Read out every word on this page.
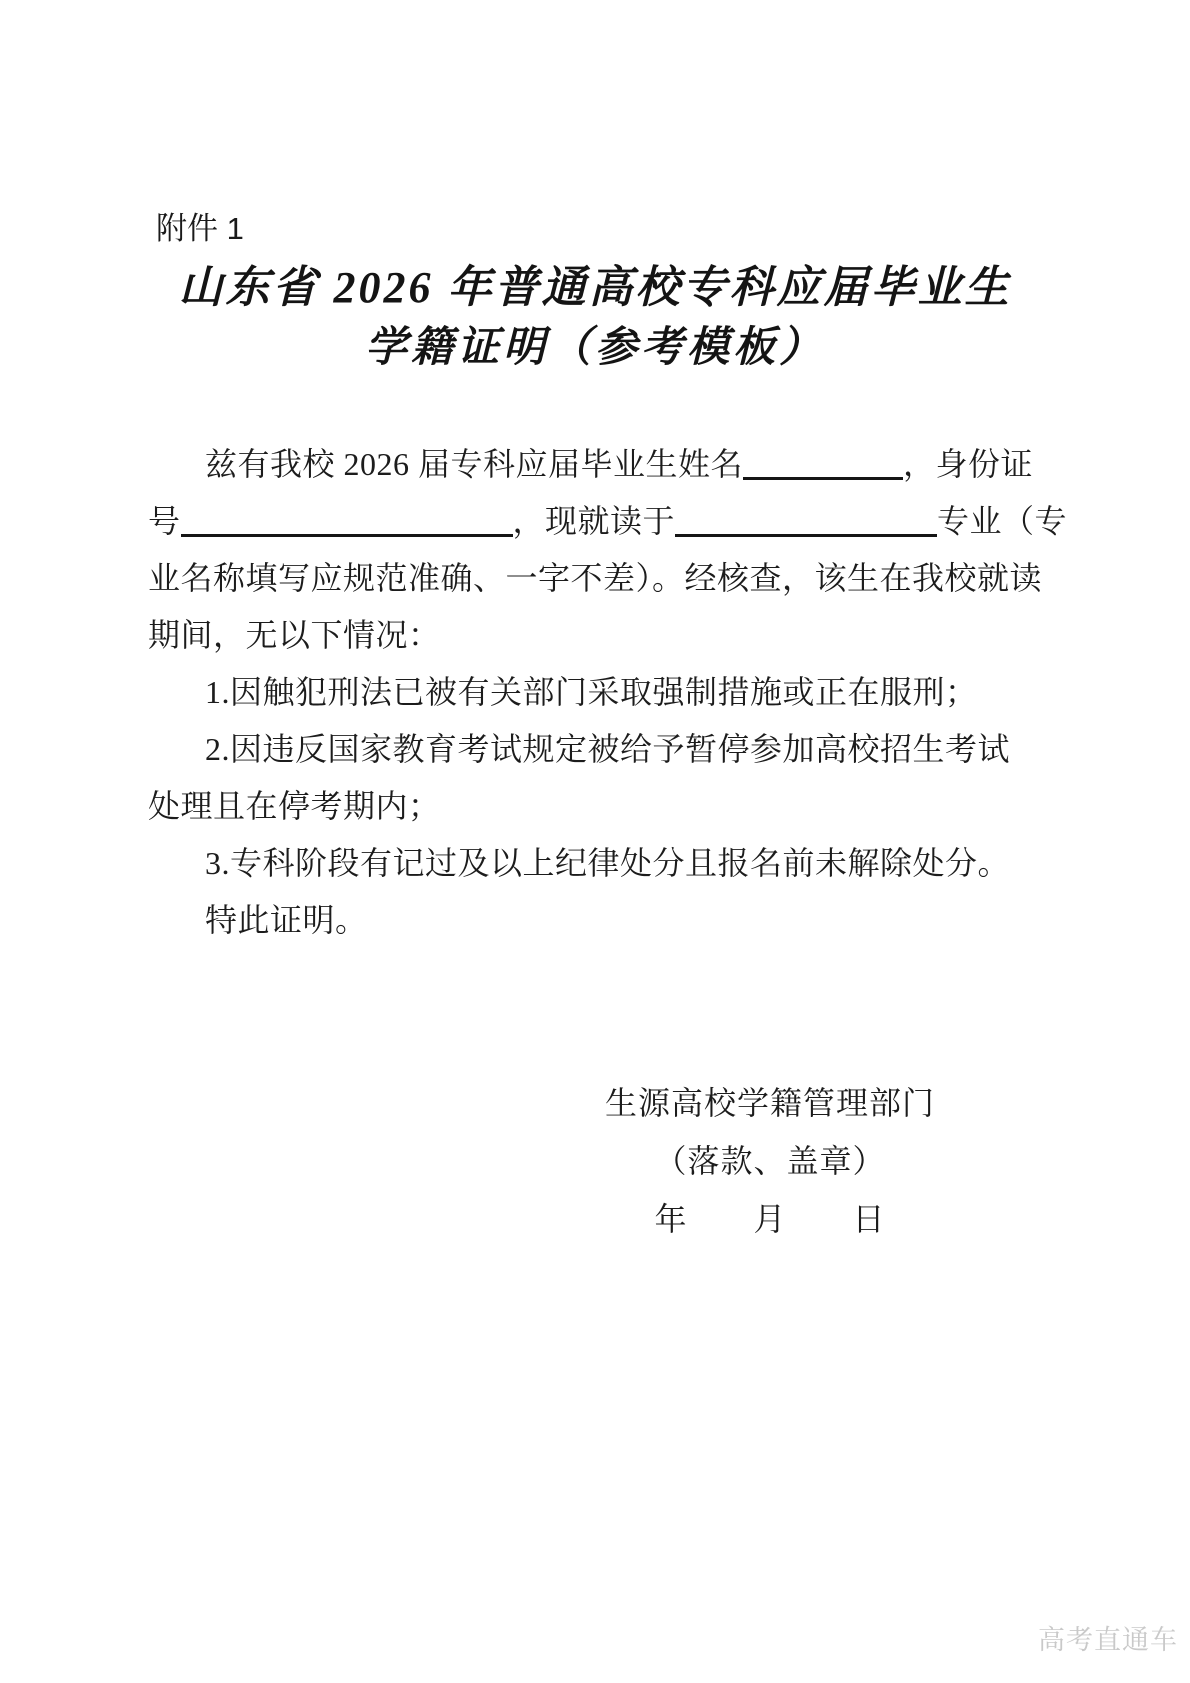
附件 1
山东省 2026 年普通高校专科应届毕业生
学籍证明（参考模板）
兹有我校 2026 届专科应届毕业生姓名	，身份证
号	，现就读于	专业（专
业名称填写应规范准确、一字不差）。经核查，该生在我校就读
期间，无以下情况：
1.因触犯刑法已被有关部门采取强制措施或正在服刑；
2.因违反国家教育考试规定被给予暂停参加高校招生考试
处理且在停考期内；
3.专科阶段有记过及以上纪律处分且报名前未解除处分。
特此证明。
生源高校学籍管理部门
（落款、盖章）
年　　月　　日
高考直通车
